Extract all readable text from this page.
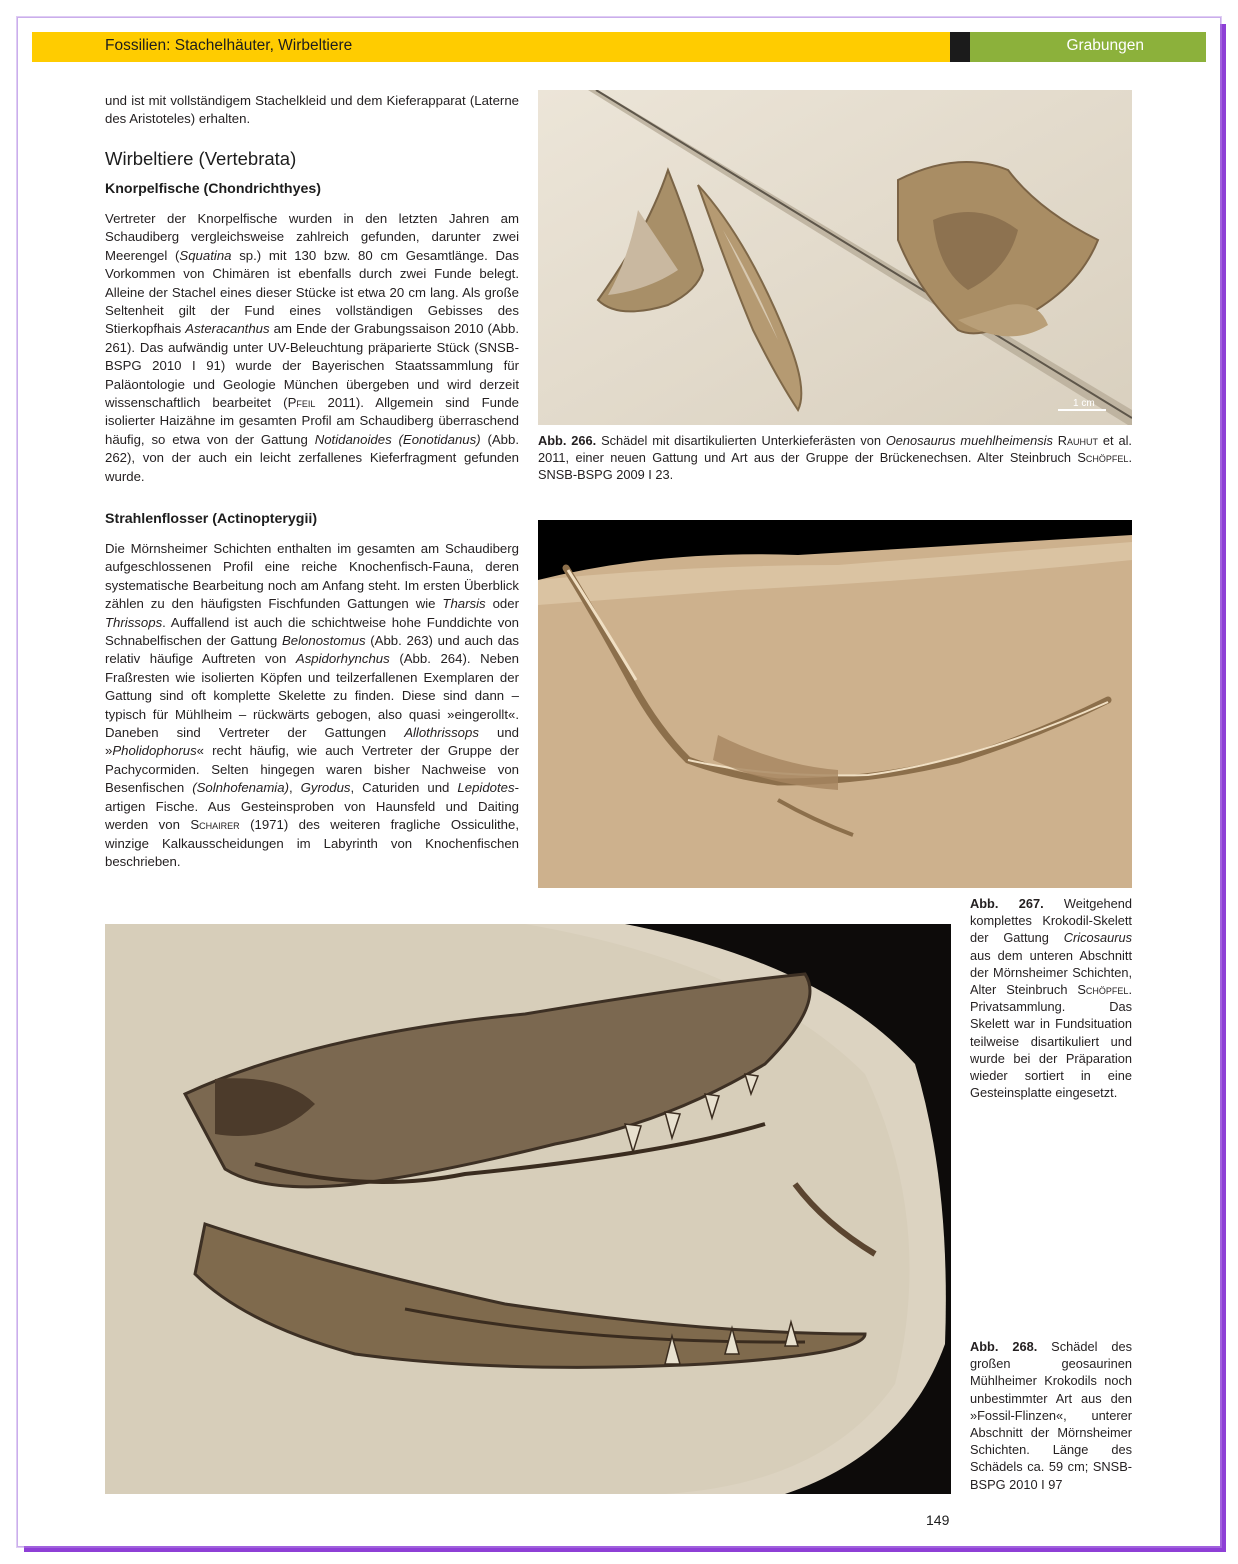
Fossilien: Stachelhäuter, Wirbeltiere	Grabungen

und ist mit vollständigem Stachelkleid und dem Kieferapparat (Laterne des Aristoteles) erhalten.

Wirbeltiere (Vertebrata)
Knorpelfische (Chondrichthyes)

Vertreter der Knorpelfische wurden in den letzten Jahren am Schaudiberg vergleichsweise zahlreich gefunden, darunter zwei Meerengel (Squatina sp.) mit 130 bzw. 80 cm Gesamtlänge. Das Vorkommen von Chimären ist ebenfalls durch zwei Funde belegt. Alleine der Stachel eines dieser Stücke ist etwa 20 cm lang. Als große Seltenheit gilt der Fund eines vollständigen Gebisses des Stierkopfhais Asteracanthus am Ende der Grabungssaison 2010 (Abb. 261). Das aufwändig unter UV-Beleuchtung präparierte Stück (SNSB-BSPG 2010 I 91) wurde der Bayerischen Staatssammlung für Paläontologie und Geologie München übergeben und wird derzeit wissenschaftlich bearbeitet (Pfeil 2011). Allgemein sind Funde isolierter Haizähne im gesamten Profil am Schaudiberg überraschend häufig, so etwa von der Gattung Notidanoides (Eonotidanus) (Abb. 262), von der auch ein leicht zerfallenes Kieferfragment gefunden wurde.

Strahlenflosser (Actinopterygii)

Die Mörnsheimer Schichten enthalten im gesamten am Schaudiberg aufgeschlossenen Profil eine reiche Knochenfisch-Fauna, deren systematische Bearbeitung noch am Anfang steht. Im ersten Überblick zählen zu den häufigsten Fischfunden Gattungen wie Tharsis oder Thrissops. Auffallend ist auch die schichtweise hohe Funddichte von Schnabelfischen der Gattung Belonostomus (Abb. 263) und auch das relativ häufige Auftreten von Aspidorhynchus (Abb. 264). Neben Fraßresten wie isolierten Köpfen und teilzerfallenen Exemplaren der Gattung sind oft komplette Skelette zu finden. Diese sind dann – typisch für Mühlheim – rückwärts gebogen, also quasi »eingerollt«. Daneben sind Vertreter der Gattungen Allothrissops und »Pholidophorus« recht häufig, wie auch Vertreter der Gruppe der Pachycormiden. Selten hingegen waren bisher Nachweise von Besenfischen (Solnhofenamia), Gyrodus, Caturiden und Lepidotes-artigen Fische. Aus Gesteinsproben von Haunsfeld und Daiting werden von Schairer (1971) des weiteren fragliche Ossiculithe, winzige Kalkausscheidungen im Labyrinth von Knochenfischen beschrieben.

1 cm
Abb. 266. Schädel mit disartikulierten Unterkieferästen von Oenosaurus muehlheimensis Rauhut et al. 2011, einer neuen Gattung und Art aus der Gruppe der Brückenechsen. Alter Steinbruch Schöpfel. SNSB-BSPG 2009 I 23.
Abb. 267. Weitgehend komplettes Krokodil-Skelett der Gattung Cricosaurus aus dem unteren Abschnitt der Mörnsheimer Schichten, Alter Steinbruch Schöpfel. Privatsammlung. Das Skelett war in Fundsituation teilweise disartikuliert und wurde bei der Präparation wieder sortiert in eine Gesteinsplatte eingesetzt.
Abb. 268. Schädel des großen geosaurinen Mühlheimer Krokodils noch unbestimmter Art aus den »Fossil-Flinzen«, unterer Abschnitt der Mörnsheimer Schichten. Länge des Schädels ca. 59 cm; SNSB-BSPG 2010 I 97
149
